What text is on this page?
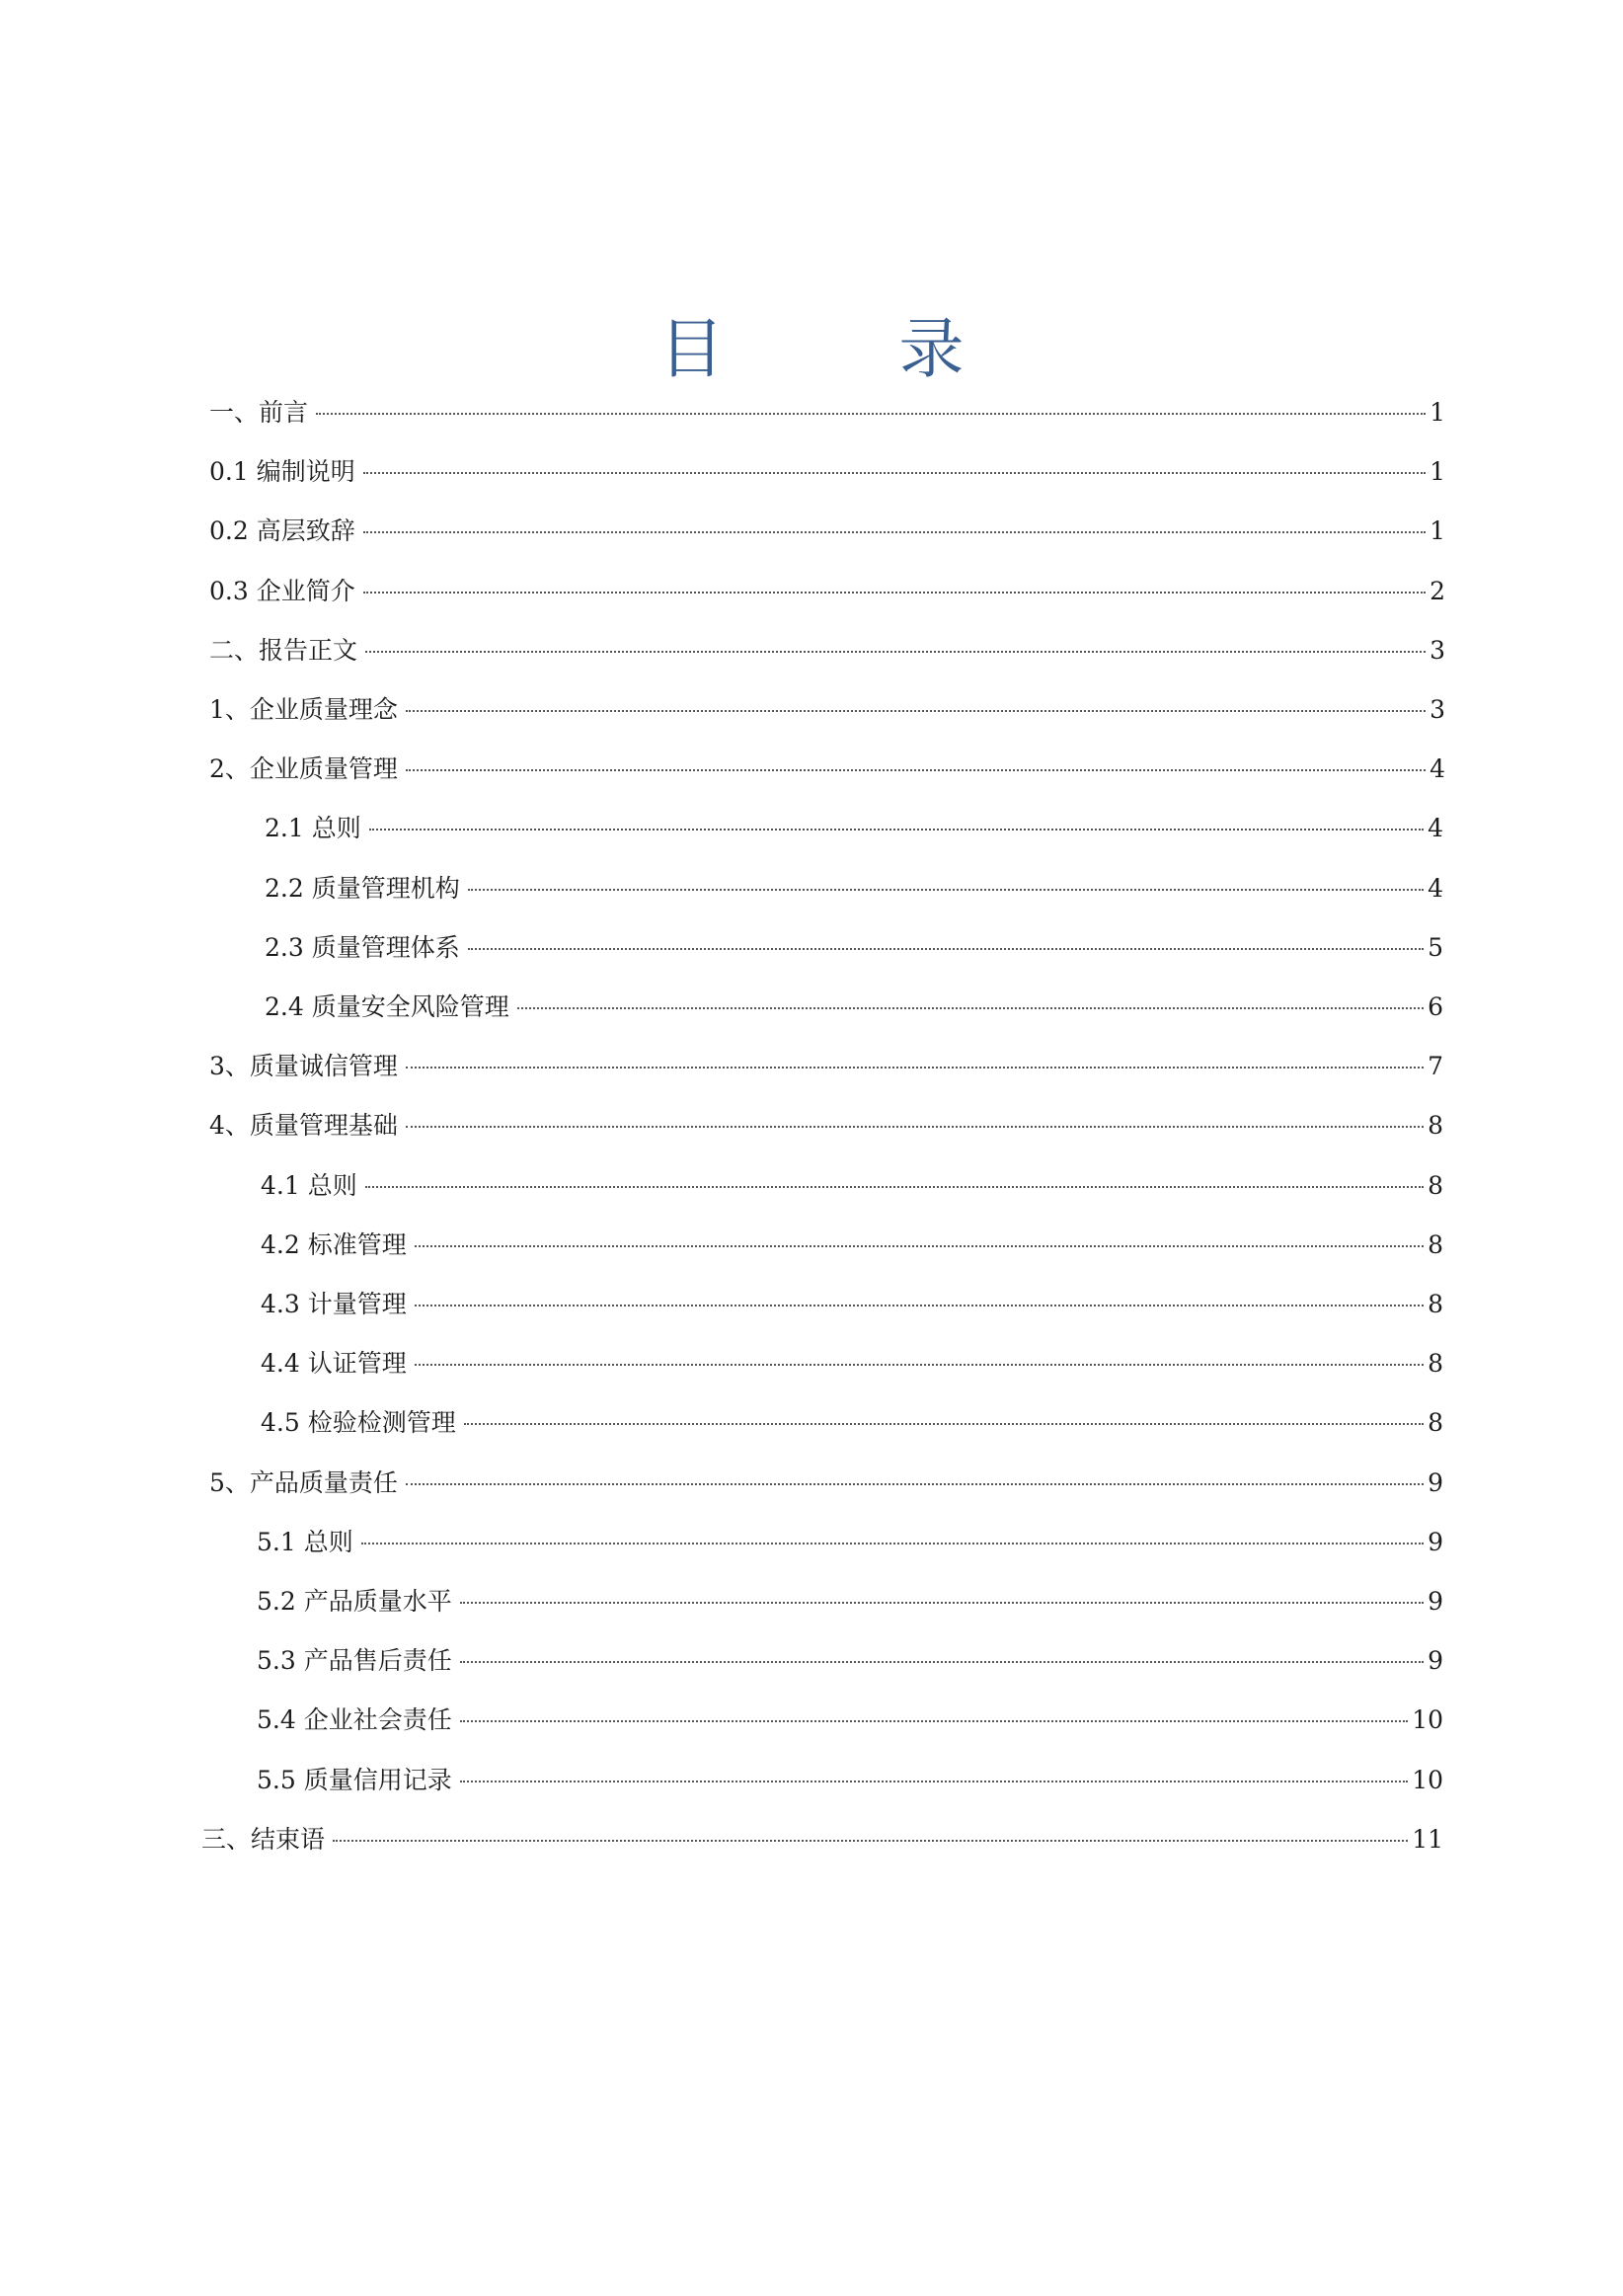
目 录
一、前言	1
0.1 编制说明	1
0.2 高层致辞	1
0.3 企业简介	2
二、报告正文	3
1、企业质量理念	3
2、企业质量管理	4
2.1 总则	4
2.2 质量管理机构	4
2.3 质量管理体系	5
2.4 质量安全风险管理	6
3、质量诚信管理	7
4、质量管理基础	8
4.1 总则	8
4.2 标准管理	8
4.3 计量管理	8
4.4 认证管理	8
4.5 检验检测管理	8
5、产品质量责任	9
5.1 总则	9
5.2 产品质量水平	9
5.3 产品售后责任	9
5.4 企业社会责任	10
5.5 质量信用记录	10
三、结束语	11
